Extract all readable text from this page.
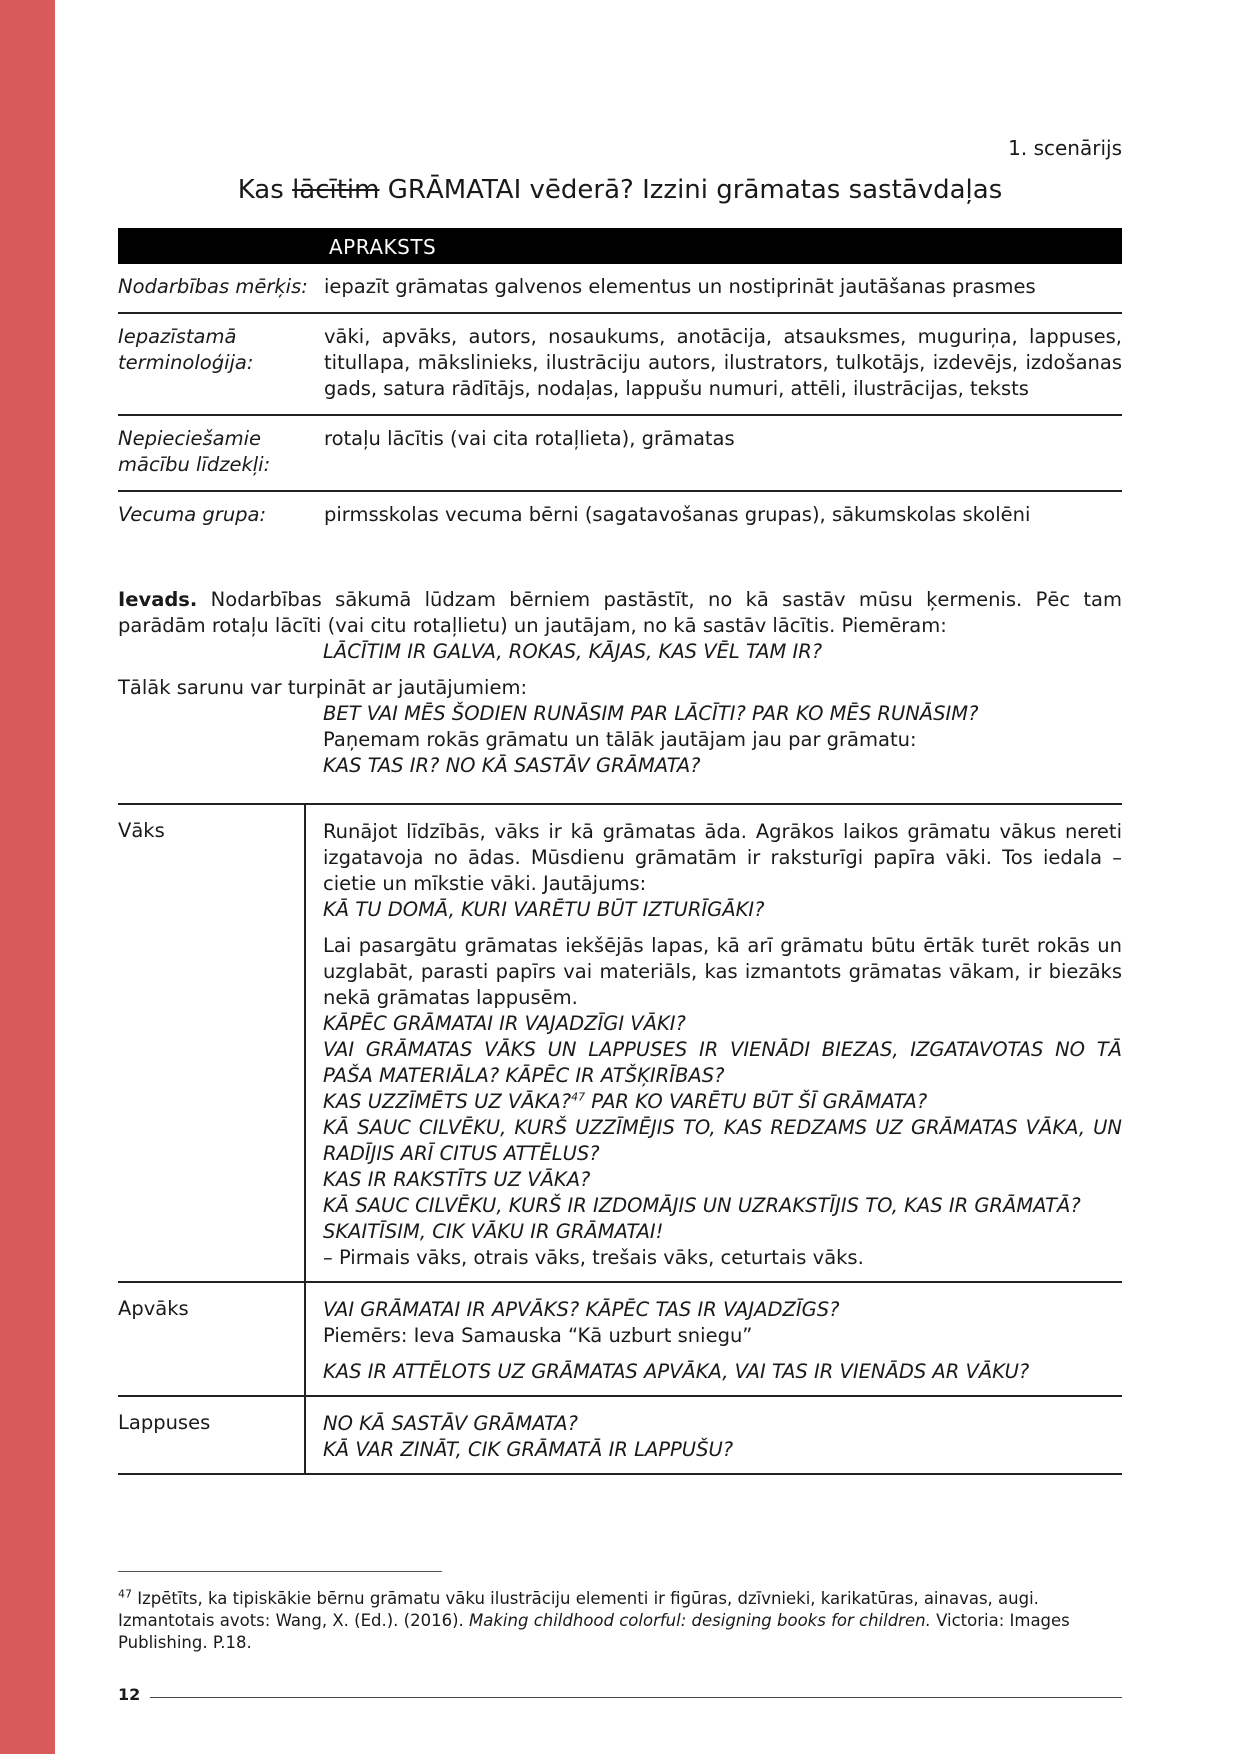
1. scenārijs
Kas lācītim GRĀMATAI vēderā? Izzini grāmatas sastāvdaļas
APRAKSTS
Nodarbības mērķis: iepazīt grāmatas galvenos elementus un nostiprināt jautāšanas prasmes
Iepazīstamā terminoloģija:
vāki, apvāks, autors, nosaukums, anotācija, atsauksmes, muguriņa, lappuses, titullapa, mākslinieks, ilustrāciju autors, ilustrators, tulkotājs, izdevējs, izdošanas gads, satura rādītājs, nodaļas, lappušu numuri, attēli, ilustrācijas, teksts
Nepieciešamie mācību līdzekļi:
rotaļu lācītis (vai cita rotaļlieta), grāmatas
Vecuma grupa:	pirmsskolas vecuma bērni (sagatavošanas grupas), sākumskolas skolēni

Ievads. Nodarbības sākumā lūdzam bērniem pastāstīt, no kā sastāv mūsu ķermenis. Pēc tam parādām rotaļu lācīti (vai citu rotaļlietu) un jautājam, no kā sastāv lācītis. Piemēram:
LĀCĪTIM IR GALVA, ROKAS, KĀJAS, KAS VĒL TAM IR?

Tālāk sarunu var turpināt ar jautājumiem:
BET VAI MĒS ŠODIEN RUNĀSIM PAR LĀCĪTI? PAR KO MĒS RUNĀSIM?
Paņemam rokās grāmatu un tālāk jautājam jau par grāmatu:
KAS TAS IR? NO KĀ SASTĀV GRĀMATA?

Vāks	Runājot līdzībās, vāks ir kā grāmatas āda. Agrākos laikos grāmatu vākus nereti izgatavoja no ādas. Mūsdienu grāmatām ir raksturīgi papīra vāki. Tos iedala – cietie un mīkstie vāki. Jautājums:
KĀ TU DOMĀ, KURI VARĒTU BŪT IZTURĪGĀKI?
Lai pasargātu grāmatas iekšējās lapas, kā arī grāmatu būtu ērtāk turēt rokās un uzglabāt, parasti papīrs vai materiāls, kas izmantots grāmatas vākam, ir biezāks nekā grāmatas lappusēm.
KĀPĒC GRĀMATAI IR VAJADZĪGI VĀKI?
VAI GRĀMATAS VĀKS UN LAPPUSES IR VIENĀDI BIEZAS, IZGATAVOTAS NO TĀ PAŠA MATERIĀLA? KĀPĒC IR ATŠĶIRĪBAS?
KAS UZZĪMĒTS UZ VĀKA?$^{47}$ PAR KO VARĒTU BŪT ŠĪ GRĀMATA?
KĀ SAUC CILVĒKU, KURŠ UZZĪMĒJIS TO, KAS REDZAMS UZ GRĀMATAS VĀKA, UN RADĪJIS ARĪ CITUS ATTĒLUS?
KAS IR RAKSTĪTS UZ VĀKA?
KĀ SAUC CILVĒKU, KURŠ IR IZDOMĀJIS UN UZRAKSTĪJIS TO, KAS IR GRĀMATĀ?
SKAITĪSIM, CIK VĀKU IR GRĀMATAI!
– Pirmais vāks, otrais vāks, trešais vāks, ceturtais vāks.
Apvāks	VAI GRĀMATAI IR APVĀKS? KĀPĒC TAS IR VAJADZĪGS?
Piemērs: Ieva Samauska “Kā uzburt sniegu”
KAS IR ATTĒLOTS UZ GRĀMATAS APVĀKA, VAI TAS IR VIENĀDS AR VĀKU?
Lappuses	NO KĀ SASTĀV GRĀMATA?
KĀ VAR ZINĀT, CIK GRĀMATĀ IR LAPPUŠU?
$^{47}$ Izpētīts, ka tipiskākie bērnu grāmatu vāku ilustrāciju elementi ir figūras, dzīvnieki, karikatūras, ainavas, augi.
Izmantotais avots: Wang, X. (Ed.). (2016). Making childhood colorful: designing books for children. Victoria: Images Publishing. P.18.
12
